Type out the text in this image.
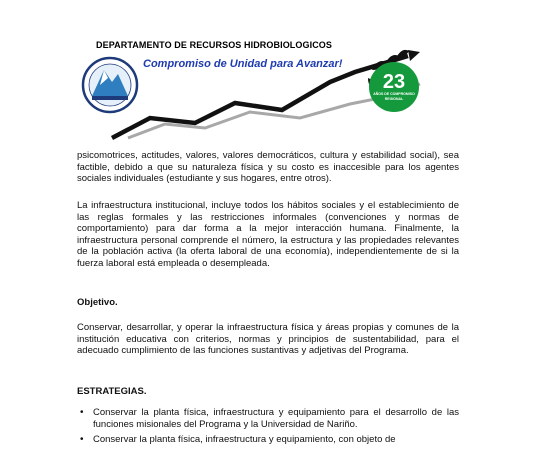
DEPARTAMENTO DE RECURSOS HIDROBIOLOGICOS
Compromiso de Unidad para Avanzar!
23
AÑOS DE COMPROMISO REGIONAL

psicomotrices, actitudes, valores, valores democráticos, cultura y estabilidad social), sea factible, debido a que su naturaleza física y su costo es inaccesible para los agentes sociales individuales (estudiante y sus hogares, entre otros).

La infraestructura institucional, incluye todos los hábitos sociales y el establecimiento de las reglas formales y las restricciones informales (convenciones y normas de comportamiento) para dar forma a la mejor interacción humana. Finalmente, la infraestructura personal comprende el número, la estructura y las propiedades relevantes de la población activa (la oferta laboral de una economía), independientemente de si la fuerza laboral está empleada o desempleada.

Objetivo.

Conservar, desarrollar, y operar la infraestructura física y áreas propias y comunes de la institución educativa con criterios, normas y principios de sustentabilidad, para el adecuado cumplimiento de las funciones sustantivas y adjetivas del Programa.

ESTRATEGIAS.

• Conservar la planta física, infraestructura y equipamiento para el desarrollo de las funciones misionales del Programa y la Universidad de Nariño.
• Conservar la planta física, infraestructura y equipamiento, con objeto de
